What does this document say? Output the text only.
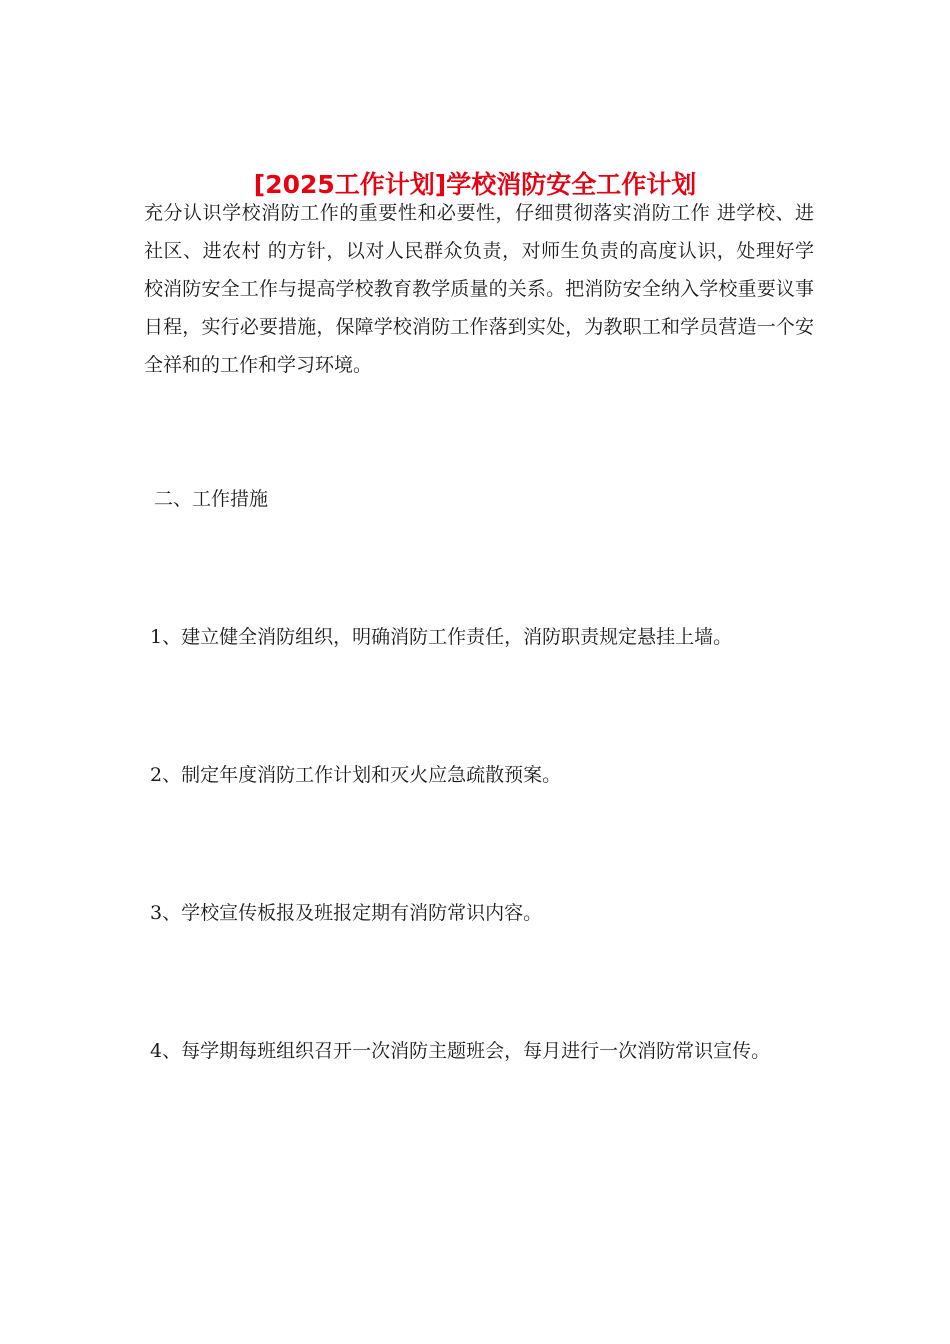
[2025工作计划]学校消防安全工作计划

充分认识学校消防工作的重要性和必要性，仔细贯彻落实消防工作 进学校、进社区、进农村 的方针，以对人民群众负责，对师生负责的高度认识，处理好学校消防安全工作与提高学校教育教学质量的关系。把消防安全纳入学校重要议事日程，实行必要措施，保障学校消防工作落到实处，为教职工和学员营造一个安全祥和的工作和学习环境。

二、工作措施

1、建立健全消防组织，明确消防工作责任，消防职责规定悬挂上墙。

2、制定年度消防工作计划和灭火应急疏散预案。

3、学校宣传板报及班报定期有消防常识内容。

4、每学期每班组织召开一次消防主题班会，每月进行一次消防常识宣传。
